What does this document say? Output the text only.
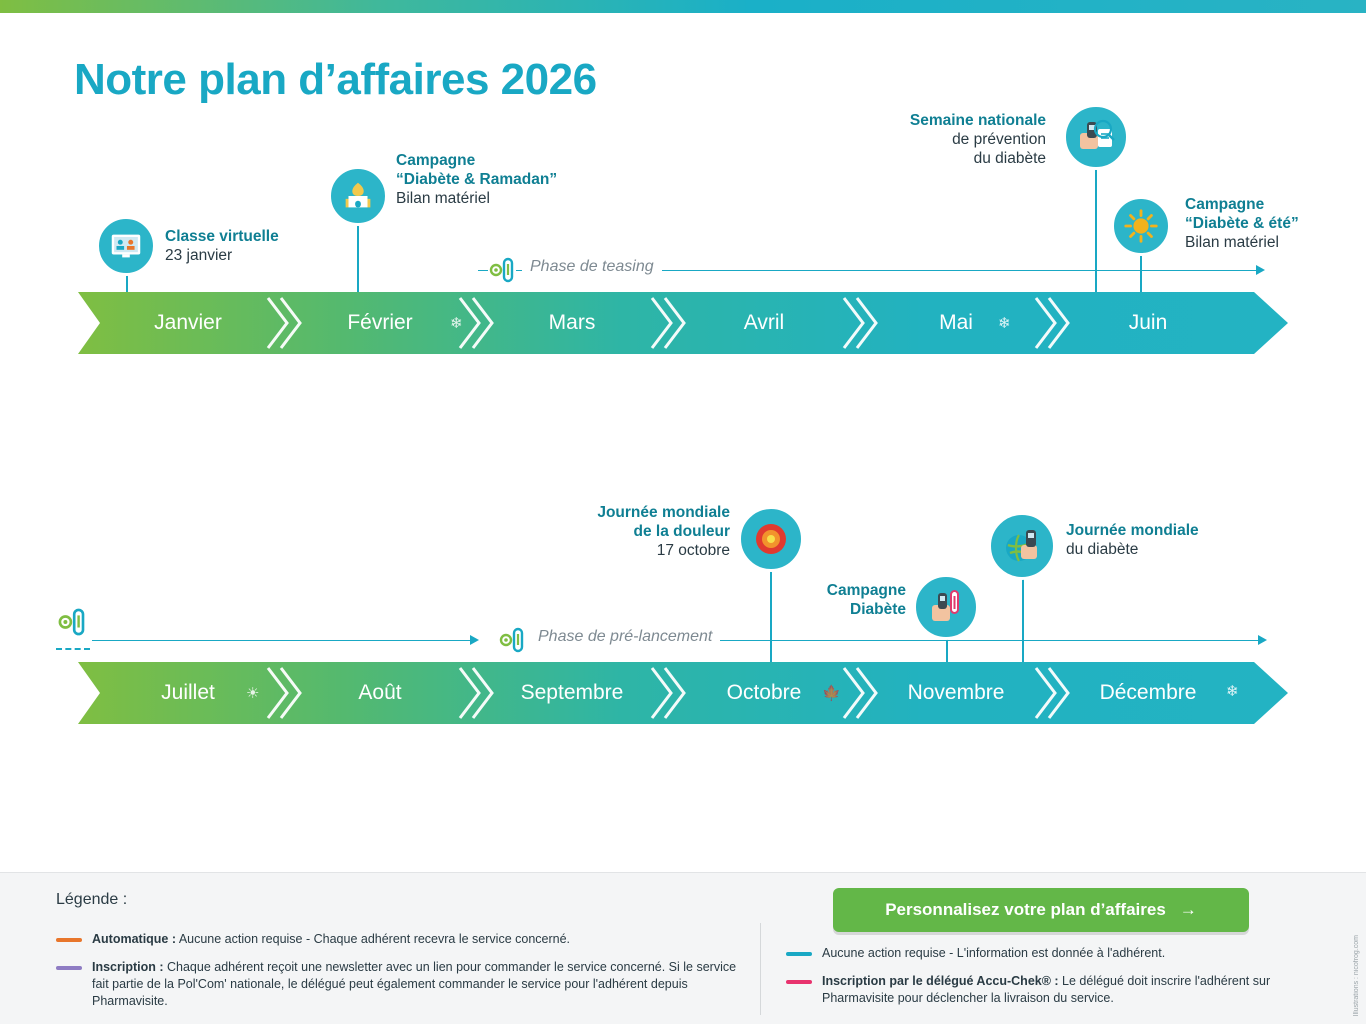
Notre plan d’affaires 2026
Phase de teasing
Classe virtuelle
23 janvier
Campagne
“Diabète & Ramadan”
Bilan matériel
Semaine nationale
de prévention
du diabète
Campagne
“Diabète & été”
Bilan matériel
Janvier	Février	Mars	Avril	Mai	Juin
❄	❄
Phase de pré-lancement
Journée mondiale
de la douleur
17 octobre
Campagne
Diabète
Journée mondiale
du diabète
Juillet	Août	Septembre	Octobre	Novembre	Décembre
☀	🍁	❄
Légende :
Automatique : Aucune action requise - Chaque adhérent recevra le service concerné.
Inscription : Chaque adhérent reçoit une newsletter avec un lien pour commander le service concerné. Si le service fait partie de la Pol'Com' nationale, le délégué peut également commander le service pour l'adhérent depuis Pharmavisite.
Aucune action requise - L'information est donnée à l'adhérent.
Inscription par le délégué Accu-Chek® : Le délégué doit inscrire l'adhérent sur Pharmavisite pour déclencher la livraison du service.
Personnalisez votre plan d’affaires →
Illustrations : nicofrog.com
